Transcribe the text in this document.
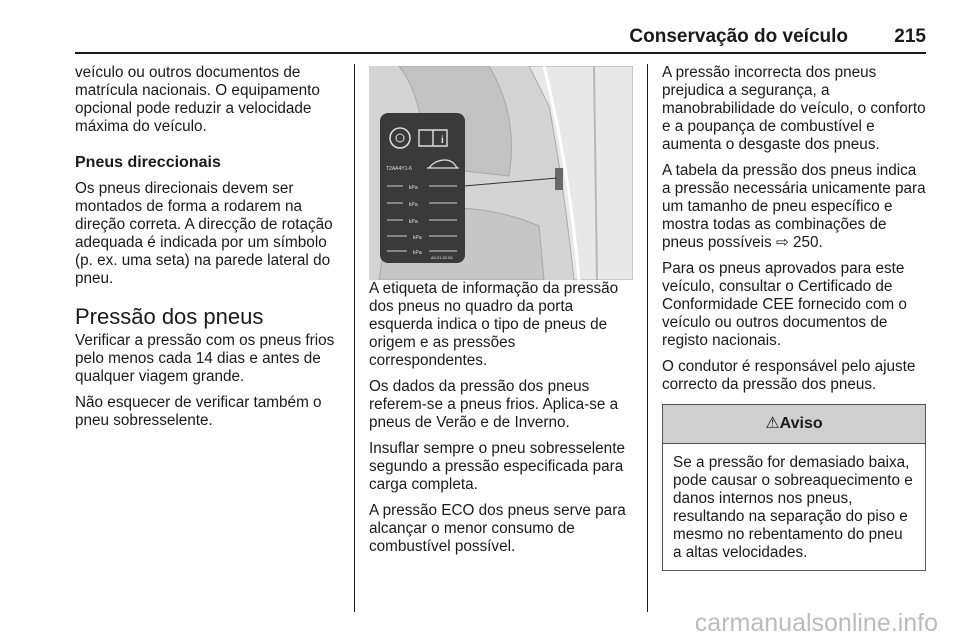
Conservação do veículo 215

veículo ou outros documentos de matrícula nacionais. O equipamento opcional pode reduzir a velocidade máxima do veículo.

Pneus direccionais

Os pneus direcionais devem ser montados de forma a rodarem na direção correta. A direcção de rotação adequada é indicada por um símbolo (p. ex. uma seta) na parede lateral do pneu.

Pressão dos pneus

Verificar a pressão com os pneus frios pelo menos cada 14 dias e antes de qualquer viagem grande.

Não esquecer de verificar também o pneu sobresselente.

i
T2AA4Y1-6
kPa
kPa
kPa
kPa
kPa
A0.01.02.B1

A etiqueta de informação da pressão dos pneus no quadro da porta esquerda indica o tipo de pneus de origem e as pressões correspondentes.

Os dados da pressão dos pneus referem-se a pneus frios. Aplica-se a pneus de Verão e de Inverno.

Insuflar sempre o pneu sobresselente segundo a pressão especificada para carga completa.

A pressão ECO dos pneus serve para alcançar o menor consumo de combustível possível.

A pressão incorrecta dos pneus prejudica a segurança, a manobrabilidade do veículo, o conforto e a poupança de combustível e aumenta o desgaste dos pneus.

A tabela da pressão dos pneus indica a pressão necessária unicamente para um tamanho de pneu específico e mostra todas as combinações de pneus possíveis ⇨ 250.

Para os pneus aprovados para este veículo, consultar o Certificado de Conformidade CEE fornecido com o veículo ou outros documentos de registo nacionais.

O condutor é responsável pelo ajuste correcto da pressão dos pneus.

⚠ Aviso

Se a pressão for demasiado baixa, pode causar o sobreaquecimento e danos internos nos pneus, resultando na separação do piso e mesmo no rebentamento do pneu a altas velocidades.

carmanualsonline.info
